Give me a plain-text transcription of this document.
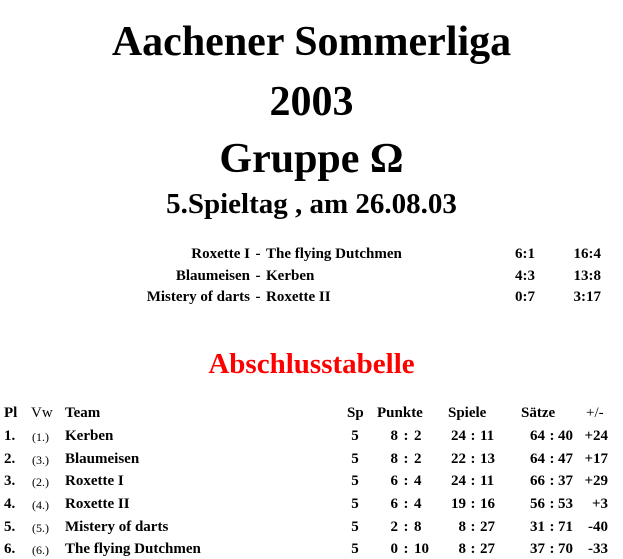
Aachener Sommerliga
2003
Gruppe Ω
5.Spieltag , am 26.08.03
Roxette I - The flying Dutchmen	6:1	16:4
Blaumeisen - Kerben	4:3	13:8
Mistery of darts - Roxette II	0:7	3:17
Abschlusstabelle
Pl Vw Team	Sp Punkte Spiele Sätze +/-
1. (1.) Kerben	5	8 : 2	24 : 11	64 : 40 +24
2. (3.) Blaumeisen	5	8 : 2	22 : 13	64 : 47 +17
3. (2.) Roxette I	5	6 : 4	24 : 11	66 : 37 +29
4. (4.) Roxette II	5	6 : 4	19 : 16	56 : 53	+3
5. (5.) Mistery of darts	5	2 : 8	8 : 27	31 : 71	-40
6. (6.) The flying Dutchmen	5	0 : 10	8 : 27	37 : 70	-33
